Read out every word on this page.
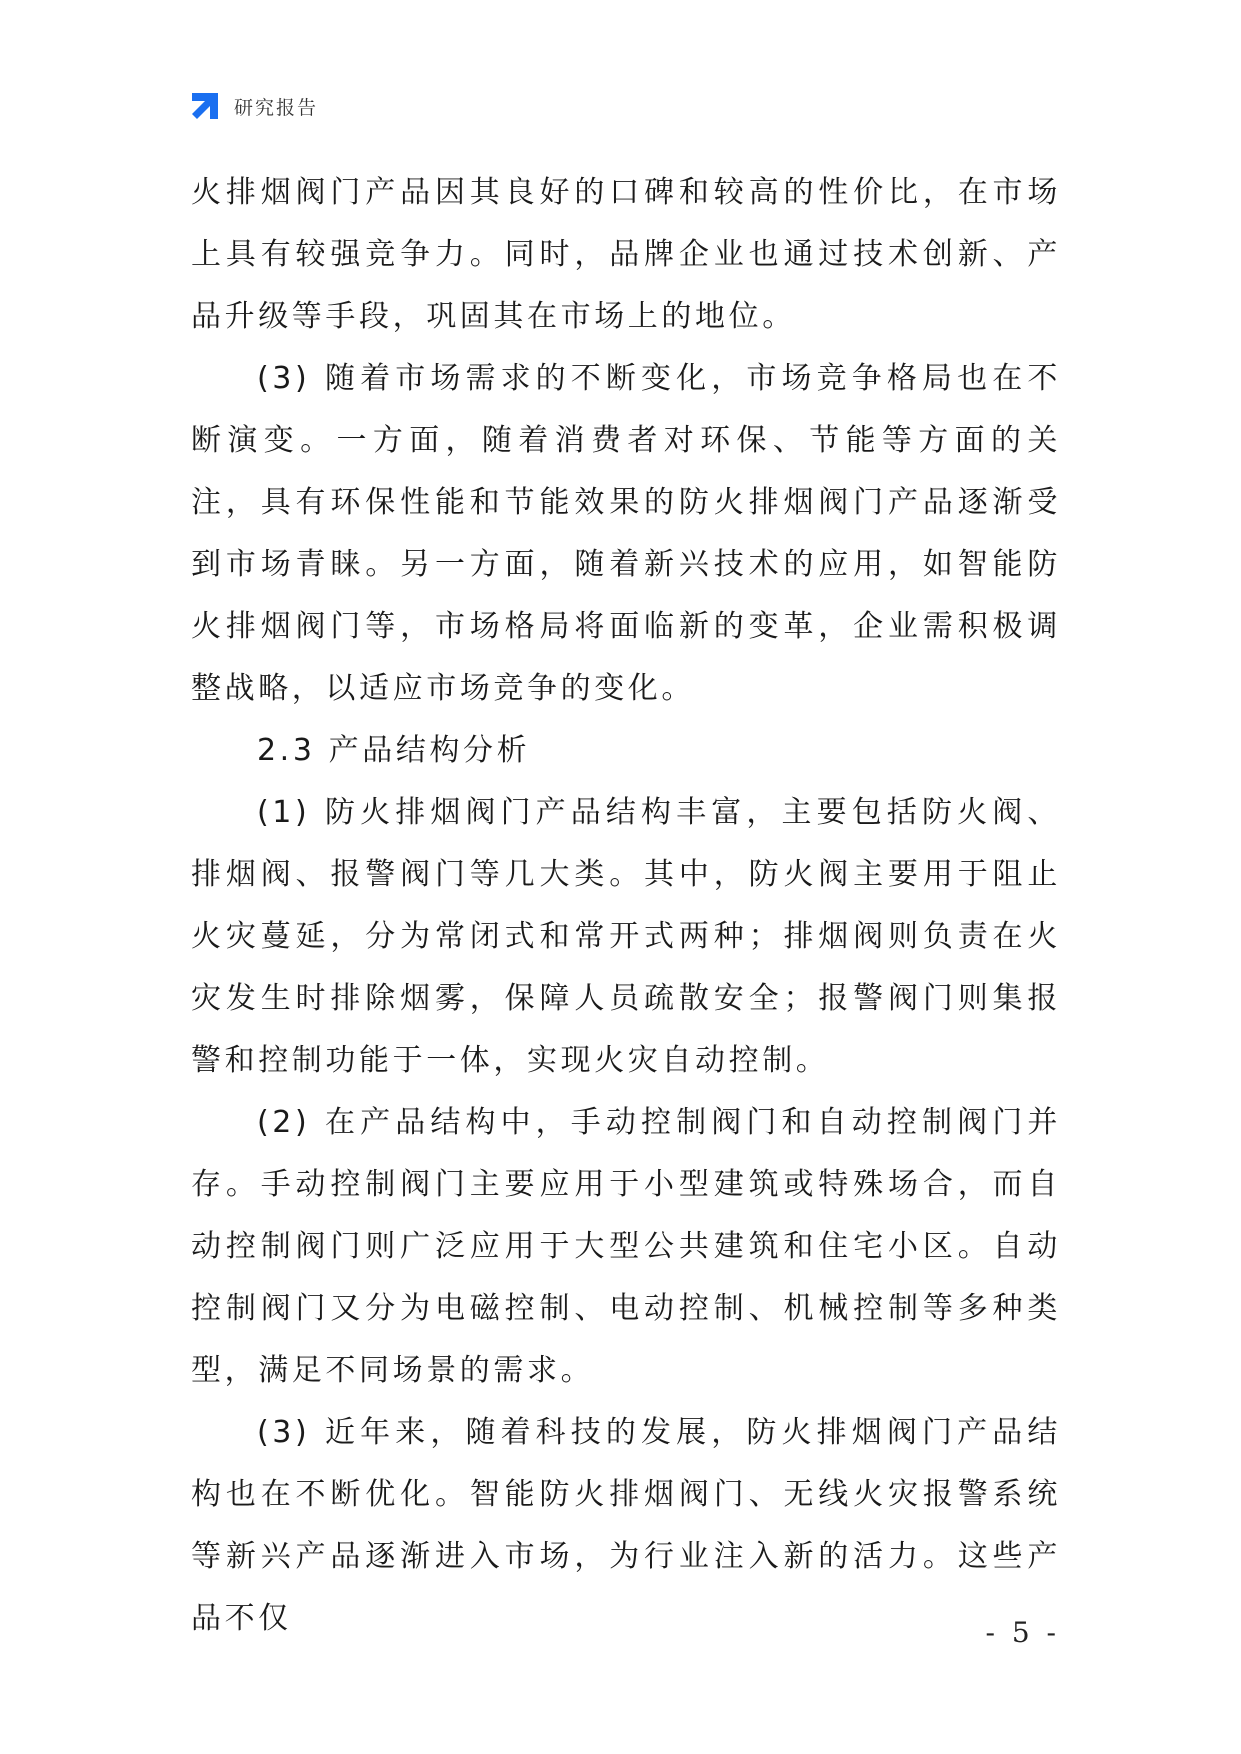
研究报告

火排烟阀门产品因其良好的口碑和较高的性价比，在市场上具有较强竞争力。同时，品牌企业也通过技术创新、产品升级等手段，巩固其在市场上的地位。

(3) 随着市场需求的不断变化，市场竞争格局也在不断演变。一方面，随着消费者对环保、节能等方面的关注，具有环保性能和节能效果的防火排烟阀门产品逐渐受到市场青睐。另一方面，随着新兴技术的应用，如智能防火排烟阀门等，市场格局将面临新的变革，企业需积极调整战略，以适应市场竞争的变化。

2.3 产品结构分析

(1) 防火排烟阀门产品结构丰富，主要包括防火阀、排烟阀、报警阀门等几大类。其中，防火阀主要用于阻止火灾蔓延，分为常闭式和常开式两种；排烟阀则负责在火灾发生时排除烟雾，保障人员疏散安全；报警阀门则集报警和控制功能于一体，实现火灾自动控制。

(2) 在产品结构中，手动控制阀门和自动控制阀门并存。手动控制阀门主要应用于小型建筑或特殊场合，而自动控制阀门则广泛应用于大型公共建筑和住宅小区。自动控制阀门又分为电磁控制、电动控制、机械控制等多种类型，满足不同场景的需求。

(3) 近年来，随着科技的发展，防火排烟阀门产品结构也在不断优化。智能防火排烟阀门、无线火灾报警系统等新兴产品逐渐进入市场，为行业注入新的活力。这些产品不仅	- 5 -
